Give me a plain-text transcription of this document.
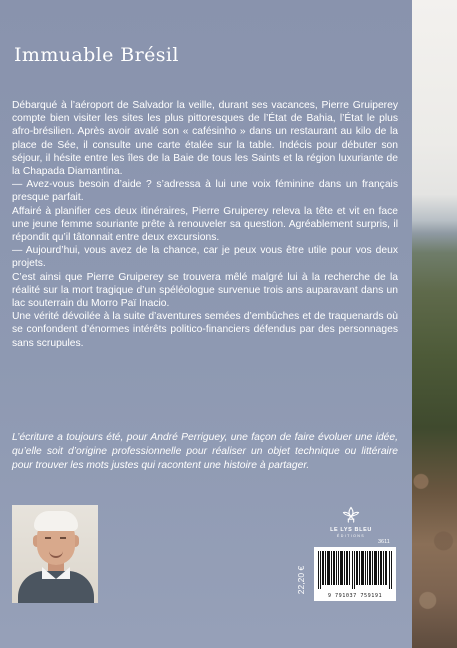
Immuable Brésil

Débarqué à l’aéroport de Salvador la veille, durant ses vacances, Pierre Gruiperey compte bien visiter les sites les plus pittoresques de l’État de Bahia, l’État le plus afro-brésilien. Après avoir avalé son « cafésinho » dans un restaurant au kilo de la place de Sée, il consulte une carte étalée sur la table. Indécis pour débuter son séjour, il hésite entre les îles de la Baie de tous les Saints et la région luxuriante de la Chapada Diamantina.

— Avez-vous besoin d’aide ? s’adressa à lui une voix féminine dans un français presque parfait.

Affairé à planifier ces deux itinéraires, Pierre Gruiperey releva la tête et vit en face une jeune femme souriante prête à renouveler sa question. Agréablement surpris, il répondit qu’il tâtonnait entre deux excursions.

— Aujourd’hui, vous avez de la chance, car je peux vous être utile pour vos deux projets.

C’est ainsi que Pierre Gruiperey se trouvera mêlé malgré lui à la recherche de la réalité sur la mort tragique d’un spéléologue survenue trois ans auparavant dans un lac souterrain du Morro Paï Inacio.

Une vérité dévoilée à la suite d’aventures semées d’embûches et de traquenards où se confondent d’énormes intérêts politico-financiers défendus par des personnages sans scrupules.

L’écriture a toujours été, pour André Perriguey, une façon de faire évoluer une idée, qu’elle soit d’origine professionnelle pour réaliser un objet technique ou littéraire pour trouver les mots justes qui racontent une histoire à partager.

LE LYS BLEU
ÉDITIONS

3611

22,20 €

9 791037 759191
